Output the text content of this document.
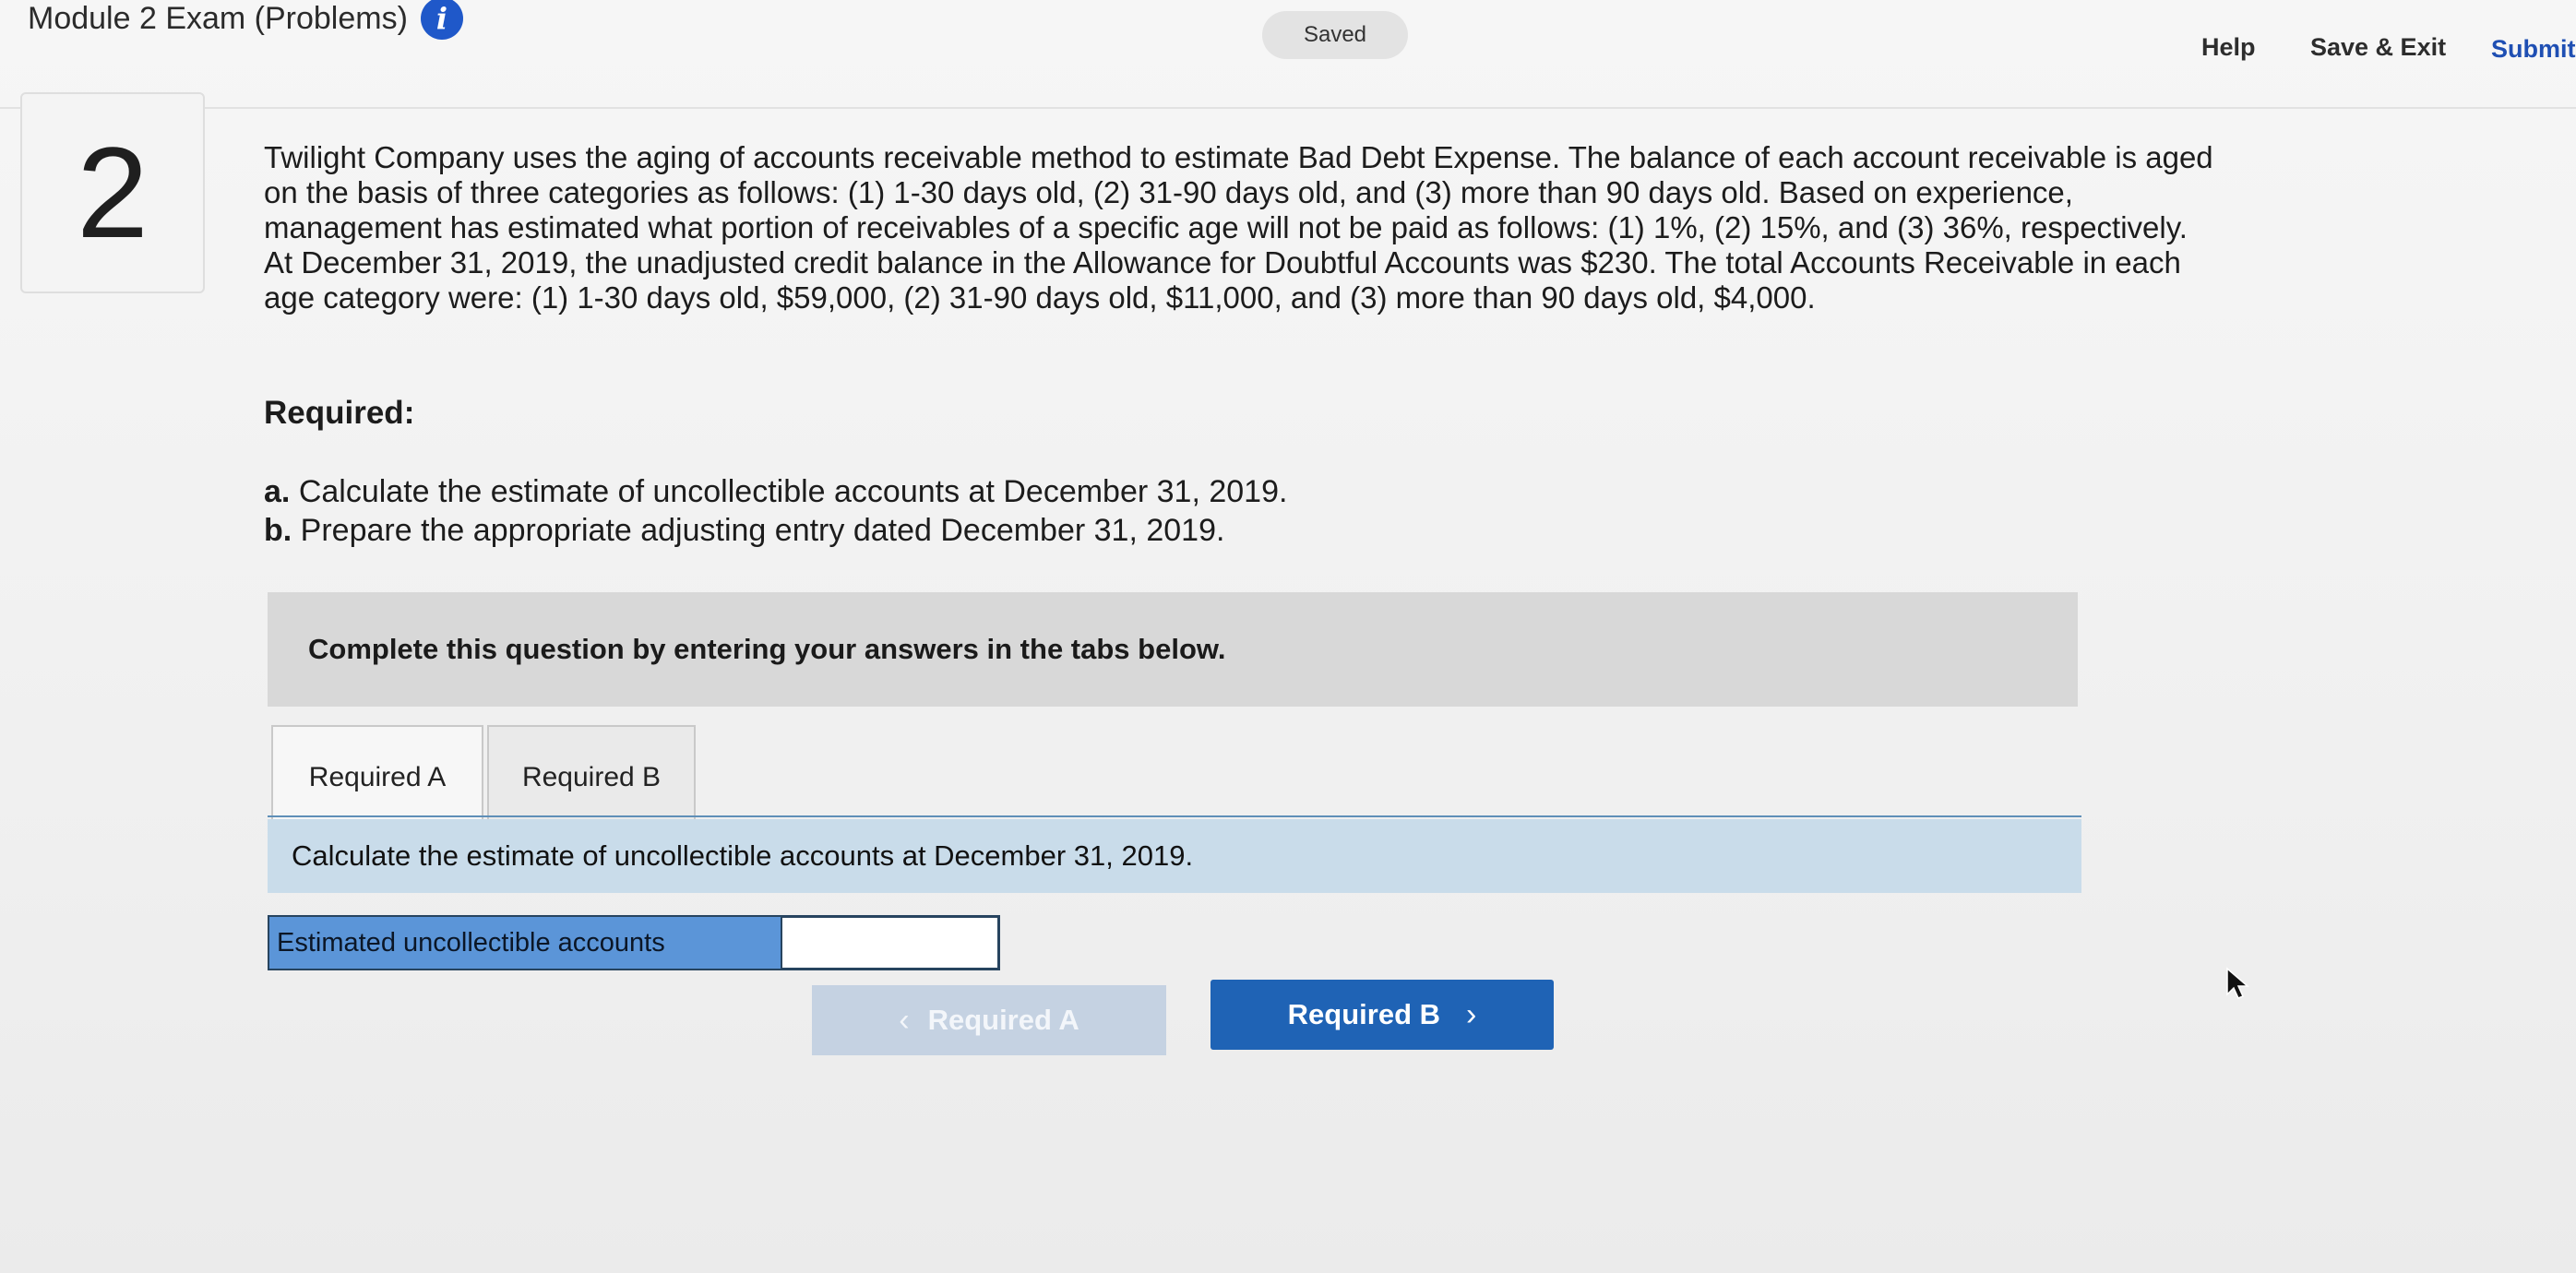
Module 2 Exam (Problems) i	Saved	Help Save & Exit Submit
2	Twilight Company uses the aging of accounts receivable method to estimate Bad Debt Expense. The balance of each account receivable is aged on the basis of three categories as follows: (1) 1-30 days old, (2) 31-90 days old, and (3) more than 90 days old. Based on experience, management has estimated what portion of receivables of a specific age will not be paid as follows: (1) 1%, (2) 15%, and (3) 36%, respectively.

At December 31, 2019, the unadjusted credit balance in the Allowance for Doubtful Accounts was $230. The total Accounts Receivable in each age category were: (1) 1-30 days old, $59,000, (2) 31-90 days old, $11,000, and (3) more than 90 days old, $4,000.

Required:
a. Calculate the estimate of uncollectible accounts at December 31, 2019.
b. Prepare the appropriate adjusting entry dated December 31, 2019.
Complete this question by entering your answers in the tabs below.
Required A	Required B
Calculate the estimate of uncollectible accounts at December 31, 2019.
Estimated uncollectible accounts
‹ Required A	Required B ›
